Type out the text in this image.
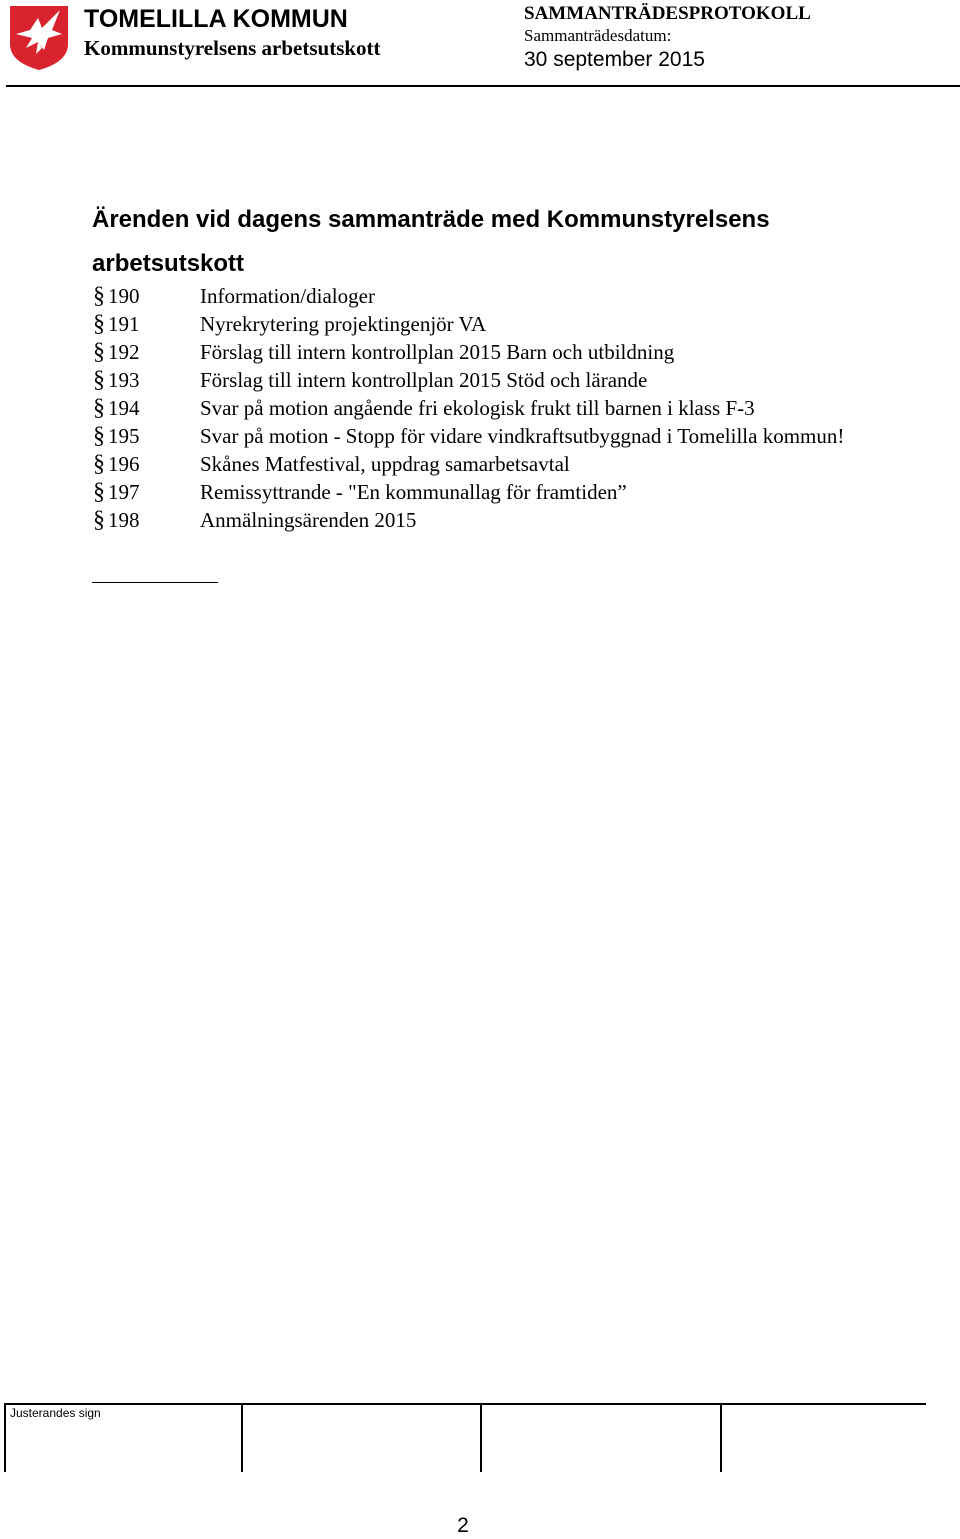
TOMELILLA KOMMUN
Kommunstyrelsens arbetsutskott
SAMMANTRÄDESPROTOKOLL
Sammanträdesdatum:
30 september 2015
Ärenden vid dagens sammanträde med Kommunstyrelsens arbetsutskott
§ 190	Information/dialoger
§ 191	Nyrekrytering projektingenjör VA
§ 192	Förslag till intern kontrollplan 2015 Barn och utbildning
§ 193	Förslag till intern kontrollplan 2015 Stöd och lärande
§ 194	Svar på motion angående fri ekologisk frukt till barnen i klass F-3
§ 195	Svar på motion - Stopp för vidare vindkraftsutbyggnad i Tomelilla kommun!
§ 196	Skånes Matfestival, uppdrag samarbetsavtal
§ 197	Remissyttrande - "En kommunallag för framtiden”
§ 198	Anmälningsärenden 2015
Justerandes sign
2
